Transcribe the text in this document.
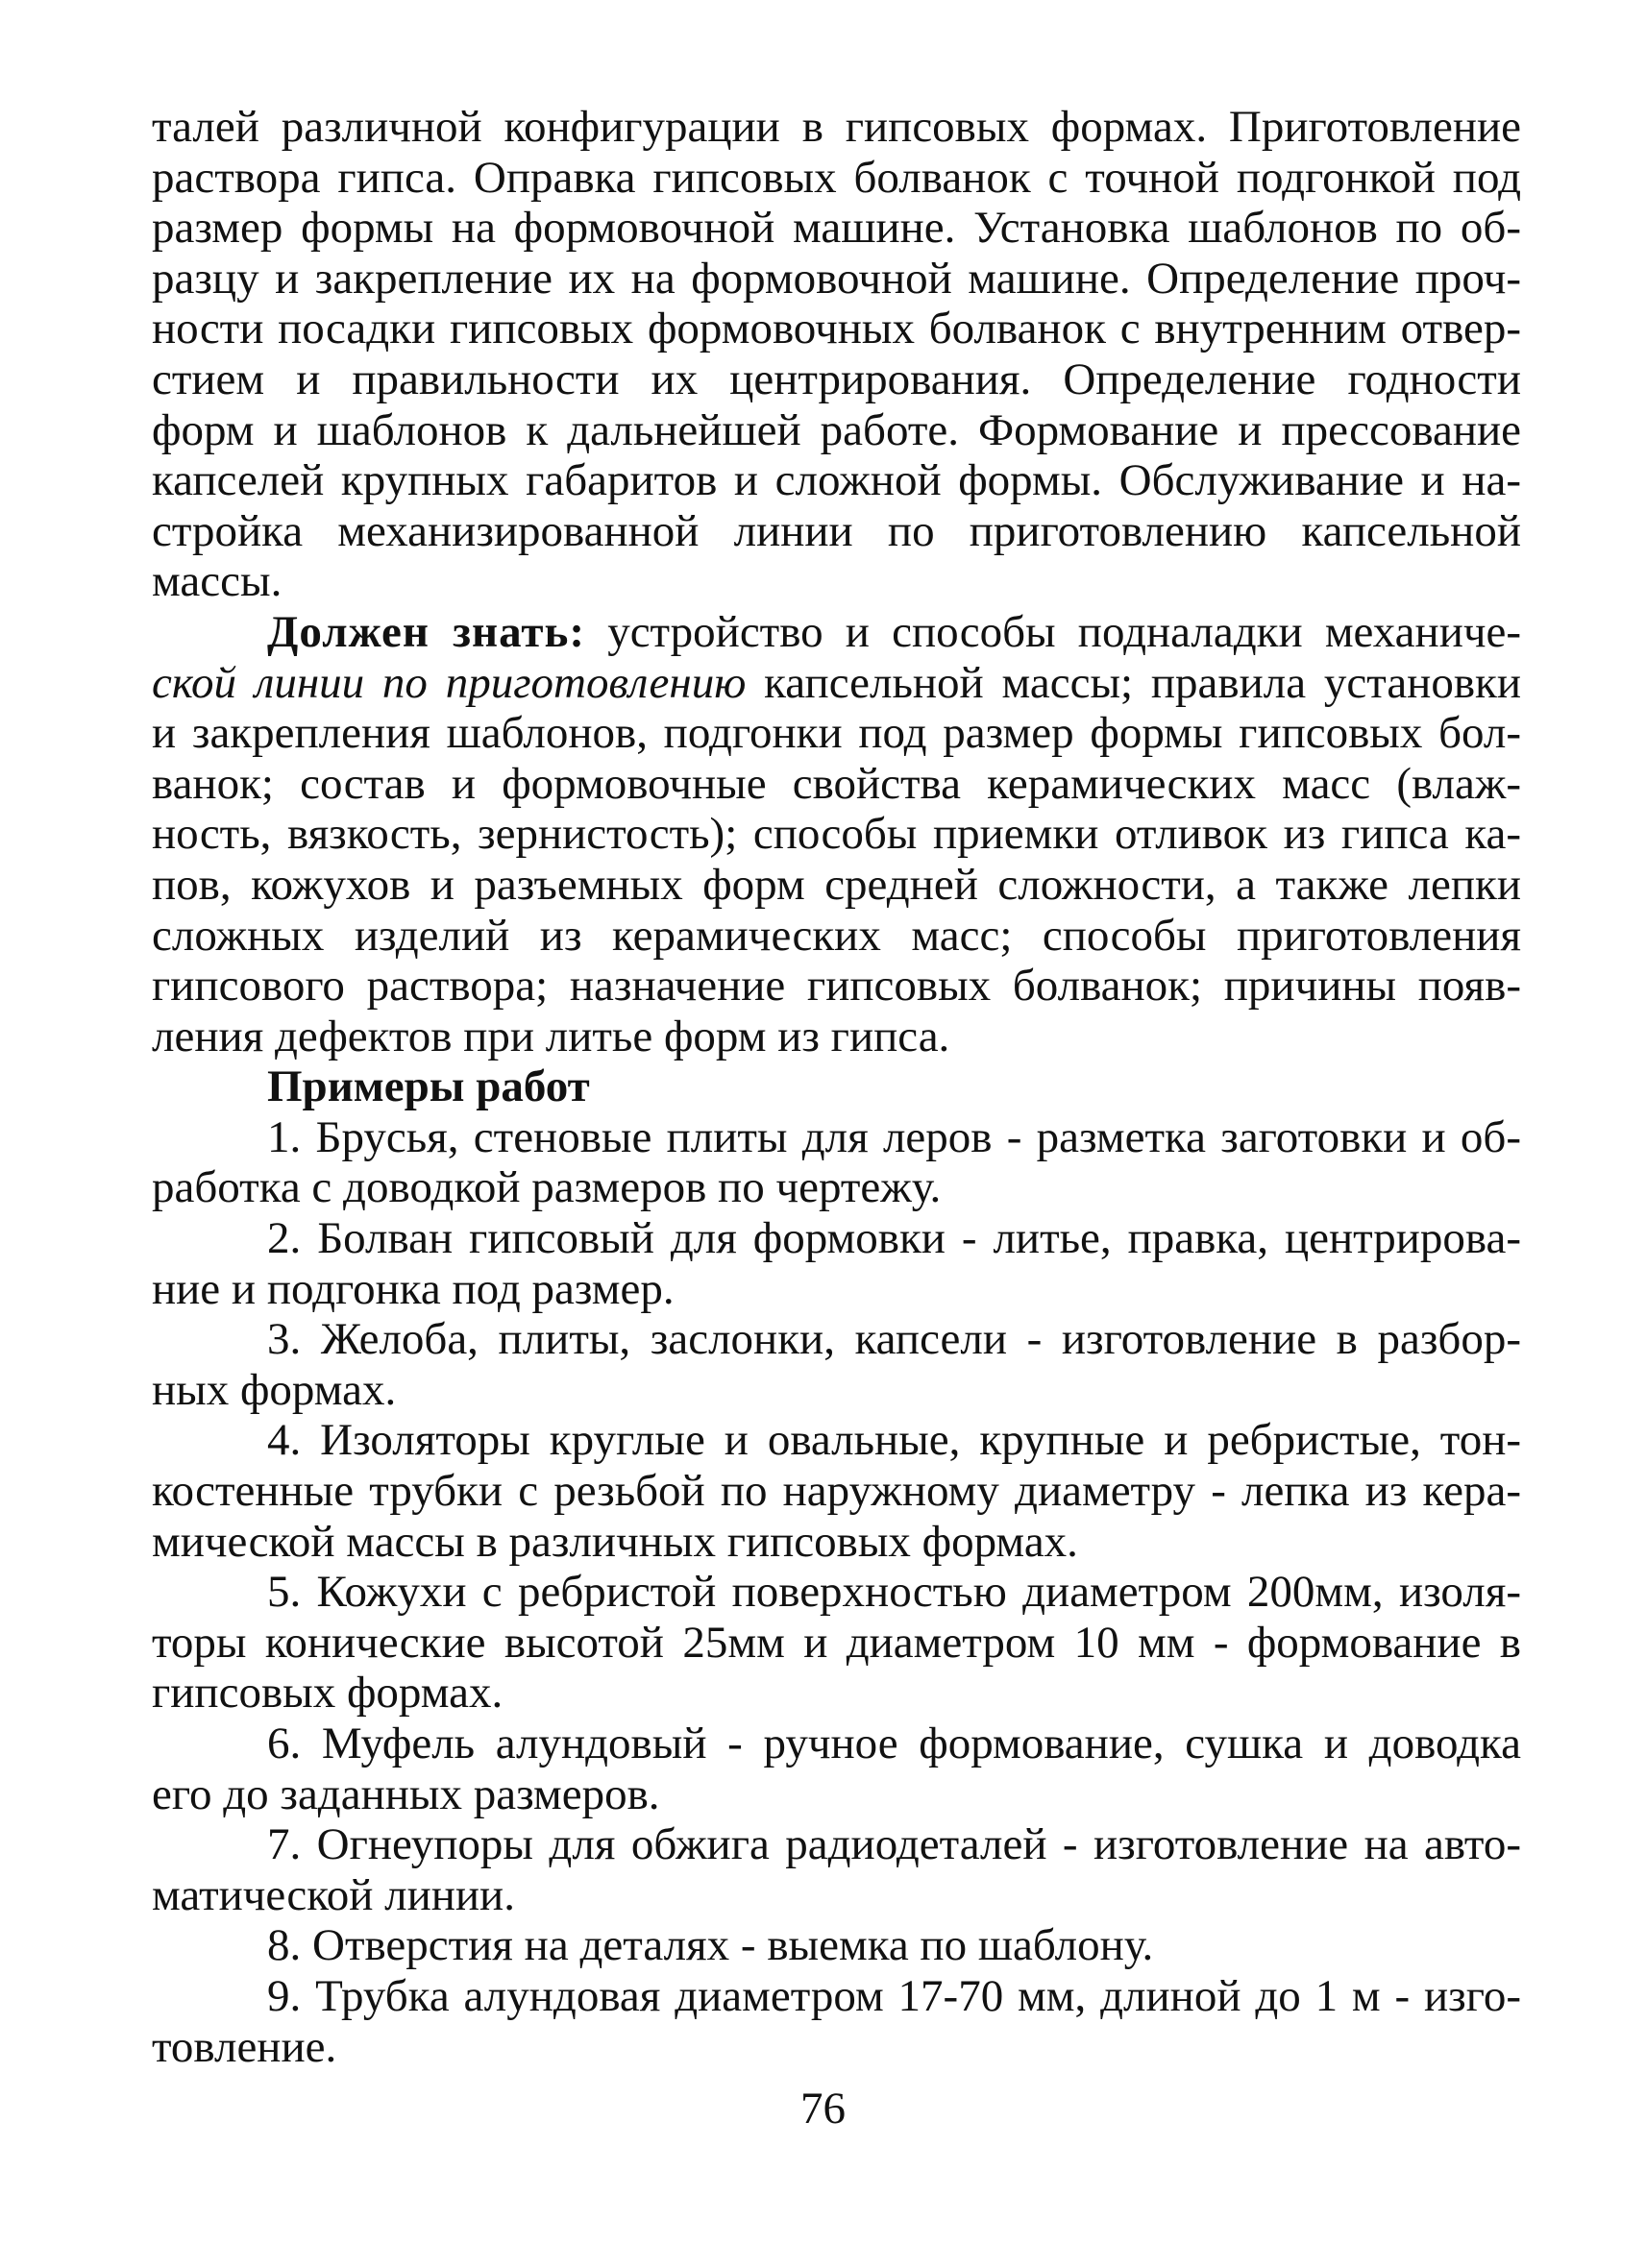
талей различной конфигурации в гипсовых формах. Приготовление

раствора гипса. Оправка гипсовых болванок с точной подгонкой под

размер формы на формовочной машине. Установка шаблонов по об-

разцу и закрепление их на формовочной машине. Определение проч-

ности посадки гипсовых формовочных болванок с внутренним отвер-

стием и правильности их центрирования. Определение годности

форм и шаблонов к дальнейшей работе. Формование и прессование

капселей крупных габаритов и сложной формы. Обслуживание и на-

стройка механизированной линии по приготовлению капсельной

массы.

Должен знать: устройство и способы подналадки механиче-

ской линии по приготовлению капсельной массы; правила установки

и закрепления шаблонов, подгонки под размер формы гипсовых бол-

ванок; состав и формовочные свойства керамических масс (влаж-

ность, вязкость, зернистость); способы приемки отливок из гипса ка-

пов, кожухов и разъемных форм средней сложности, а также лепки

сложных изделий из керамических масс; способы приготовления

гипсового раствора; назначение гипсовых болванок; причины появ-

ления дефектов при литье форм из гипса.

Примеры работ

1. Брусья, стеновые плиты для леров - разметка заготовки и об-

работка с доводкой размеров по чертежу.

2. Болван гипсовый для формовки - литье, правка, центрирова-

ние и подгонка под размер.

3. Желоба, плиты, заслонки, капсели - изготовление в разбор-

ных формах.

4. Изоляторы круглые и овальные, крупные и ребристые, тон-

костенные трубки с резьбой по наружному диаметру - лепка из кера-

мической массы в различных гипсовых формах.

5. Кожухи с ребристой поверхностью диаметром 200мм, изоля-

торы конические высотой 25мм и диаметром 10 мм - формование в

гипсовых формах.

6. Муфель алундовый - ручное формование, сушка и доводка

его до заданных размеров.

7. Огнеупоры для обжига радиодеталей - изготовление на авто-

матической линии.

8. Отверстия на деталях - выемка по шаблону.

9. Трубка алундовая диаметром 17-70 мм, длиной до 1 м - изго-

товление.

76
